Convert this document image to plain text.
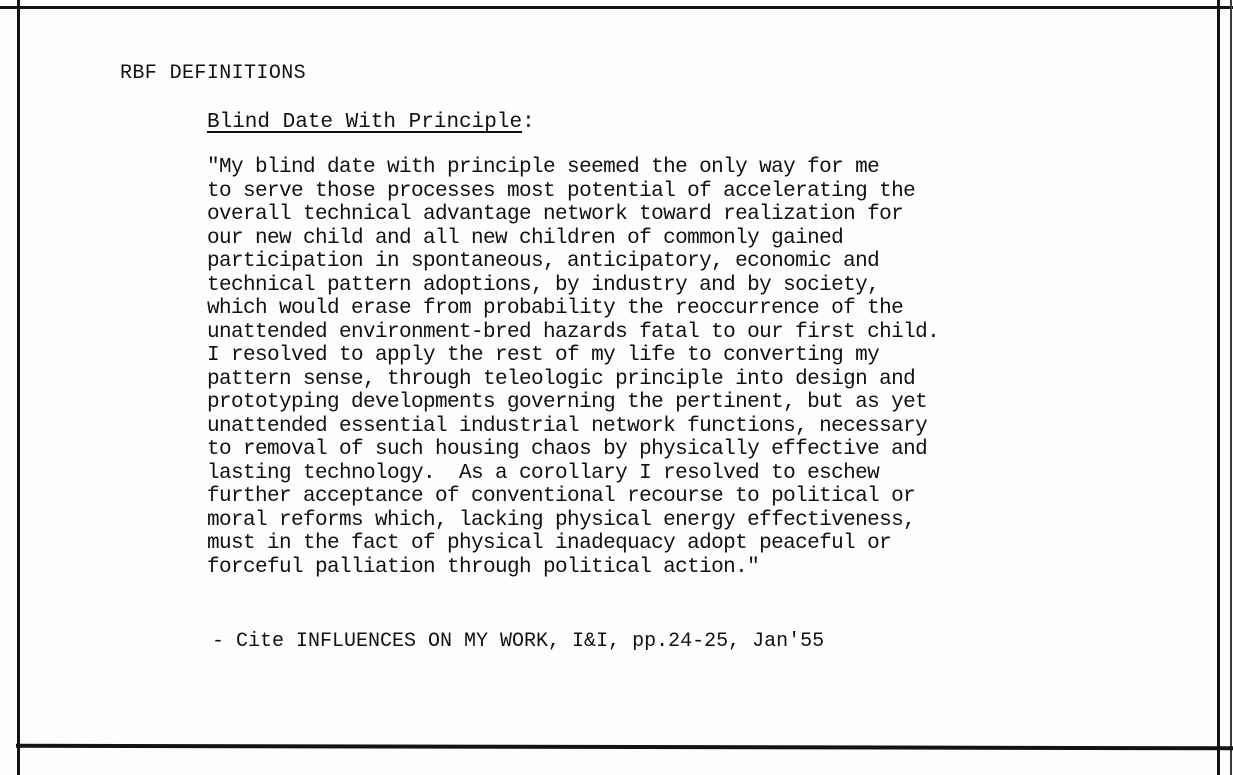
RBF DEFINITIONS
Blind Date With Principle:
"My blind date with principle seemed the only way for me
to serve those processes most potential of accelerating the
overall technical advantage network toward realization for
our new child and all new children of commonly gained
participation in spontaneous, anticipatory, economic and
technical pattern adoptions, by industry and by society,
which would erase from probability the reoccurrence of the
unattended environment-bred hazards fatal to our first child.
I resolved to apply the rest of my life to converting my
pattern sense, through teleologic principle into design and
prototyping developments governing the pertinent, but as yet
unattended essential industrial network functions, necessary
to removal of such housing chaos by physically effective and
lasting technology.  As a corollary I resolved to eschew
further acceptance of conventional recourse to political or
moral reforms which, lacking physical energy effectiveness,
must in the fact of physical inadequacy adopt peaceful or
forceful palliation through political action."
- Cite INFLUENCES ON MY WORK, I&I, pp.24-25, Jan'55
